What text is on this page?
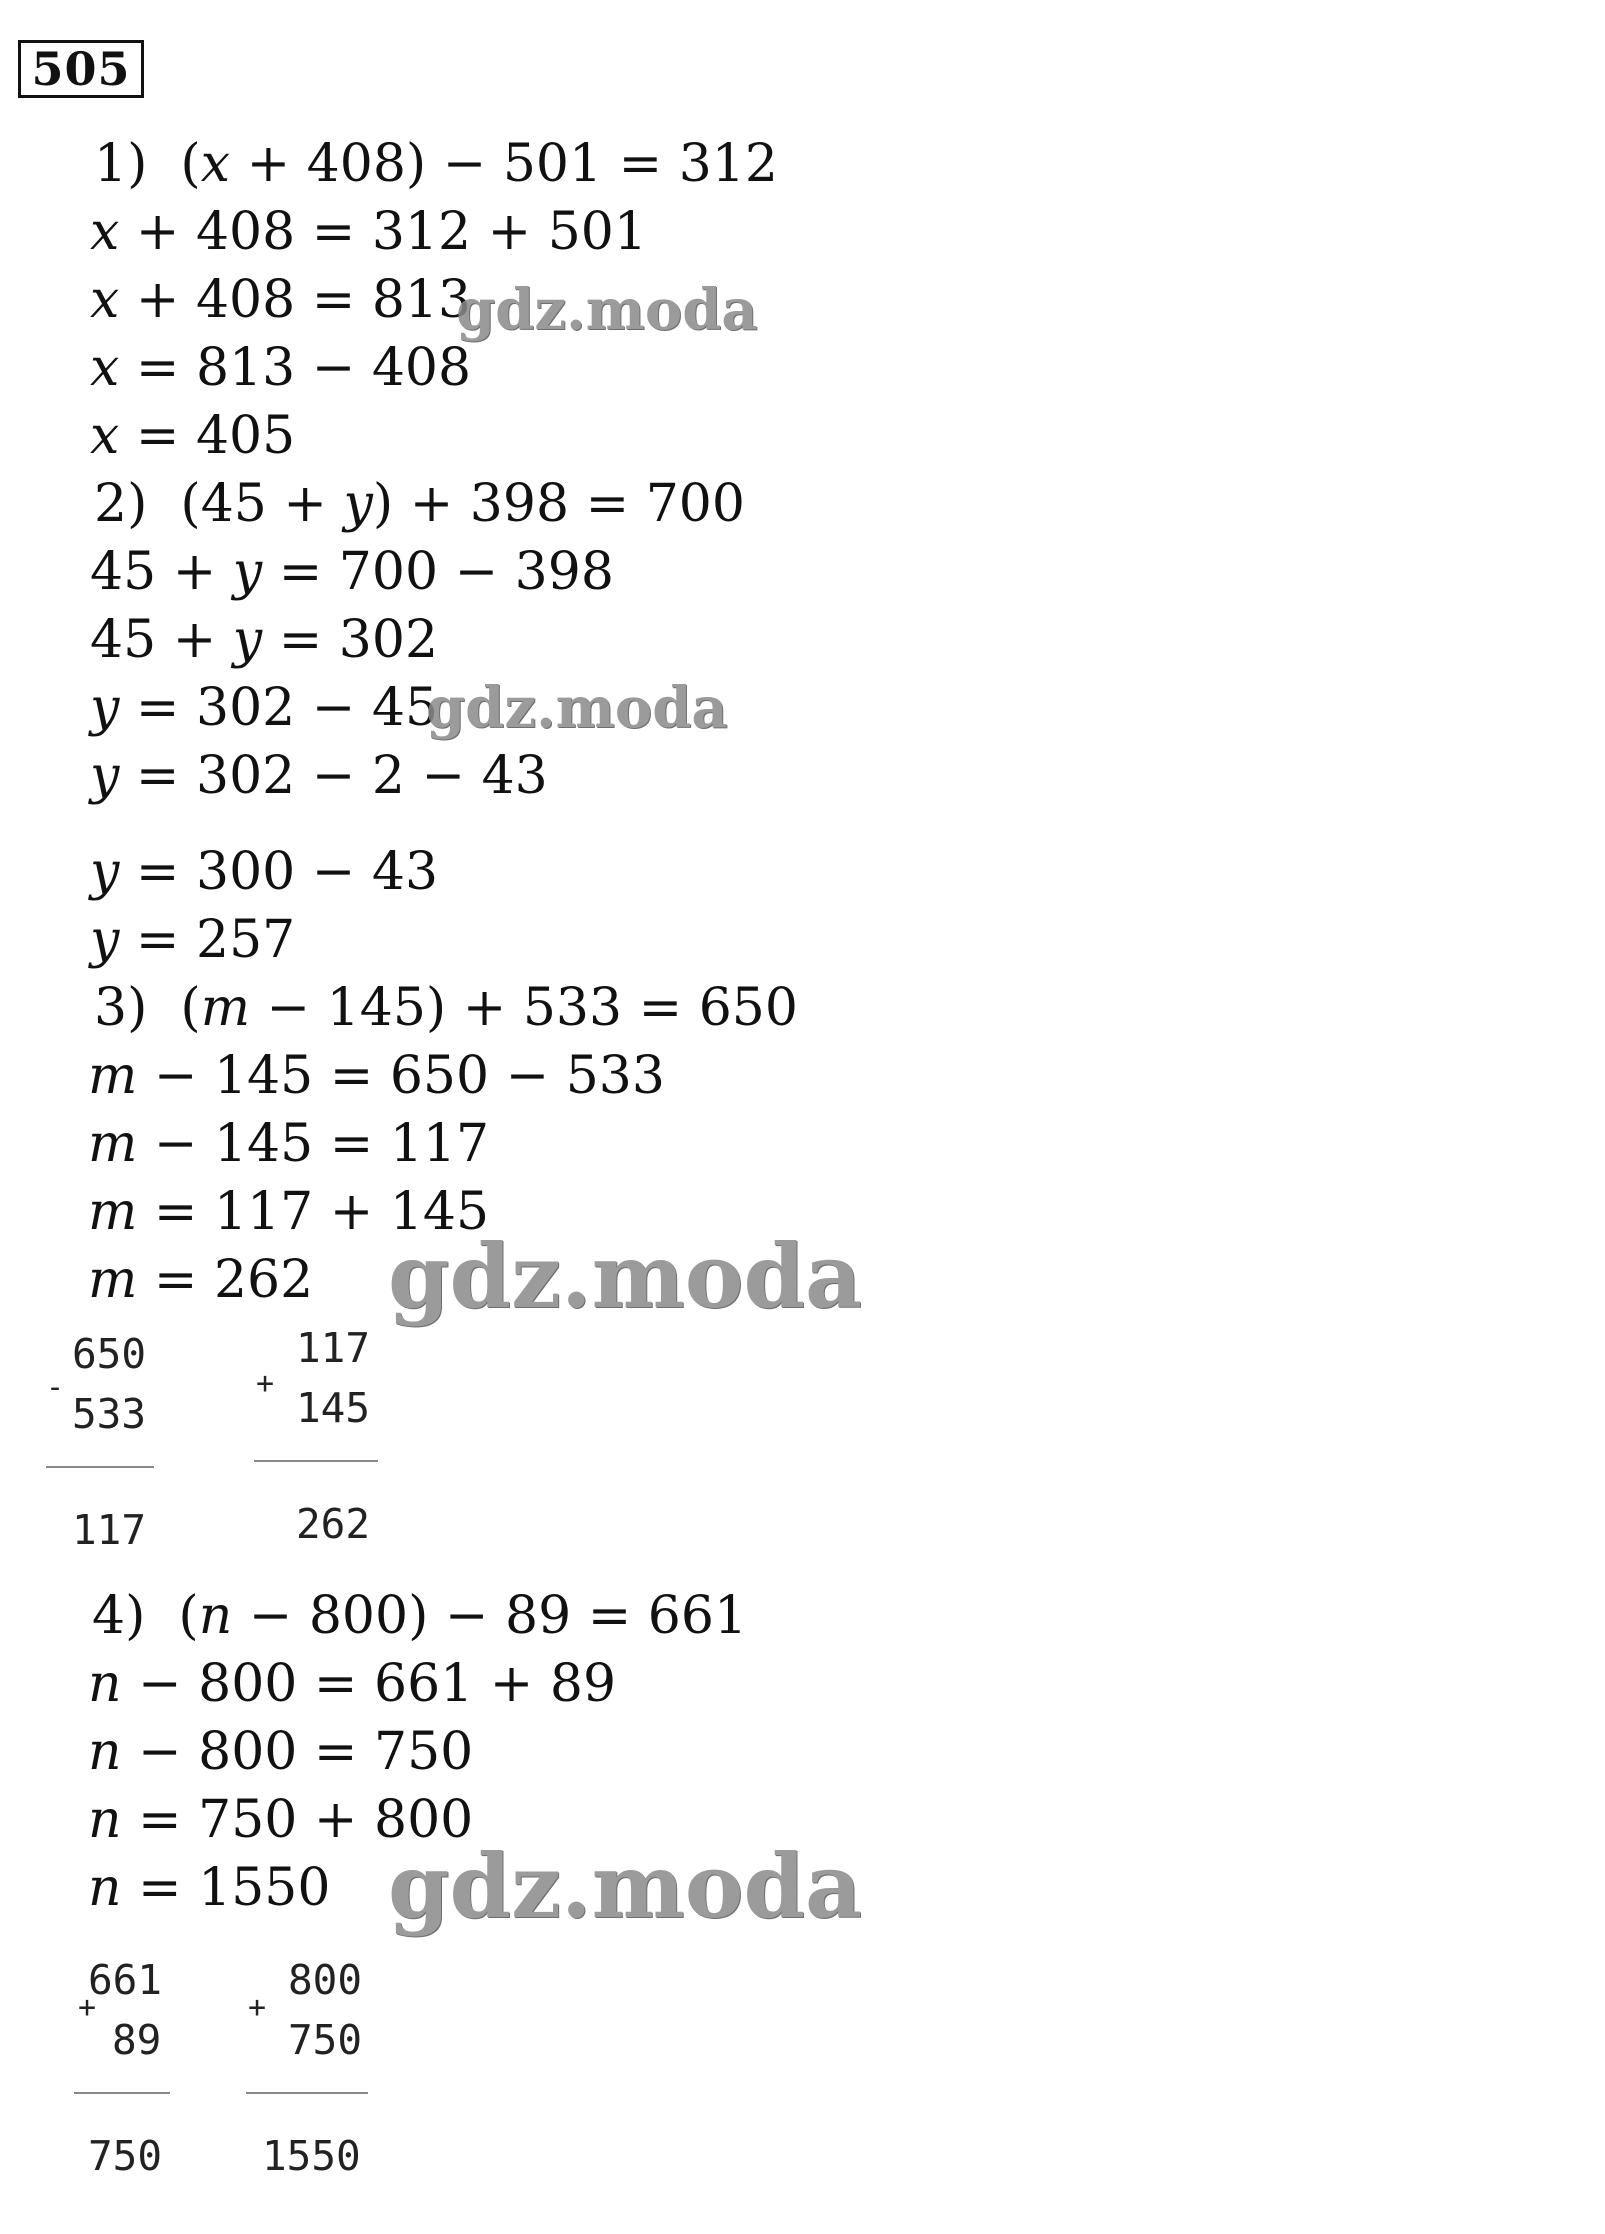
505
1)  (𝑥 + 408) − 501 = 312
𝑥 + 408 = 312 + 501
𝑥 + 408 = 813
𝑥 = 813 − 408
𝑥 = 405
2)  (45 + 𝑦) + 398 = 700
45 + 𝑦 = 700 − 398
45 + 𝑦 = 302
𝑦 = 302 − 45
𝑦 = 302 − 2 − 43
𝑦 = 300 − 43
𝑦 = 257
3)  (𝑚 − 145) + 533 = 650
𝑚 − 145 = 650 − 533
𝑚 − 145 = 117
𝑚 = 117 + 145
𝑚 = 262
650
-
533
117
117
+
145
262
4)  (𝑛 − 800) − 89 = 661
𝑛 − 800 = 661 + 89
𝑛 − 800 = 750
𝑛 = 750 + 800
𝑛 = 1550
661
+
89
750
800
+
750
1550
gdz.moda
gdz.moda
gdz.moda
gdz.moda
